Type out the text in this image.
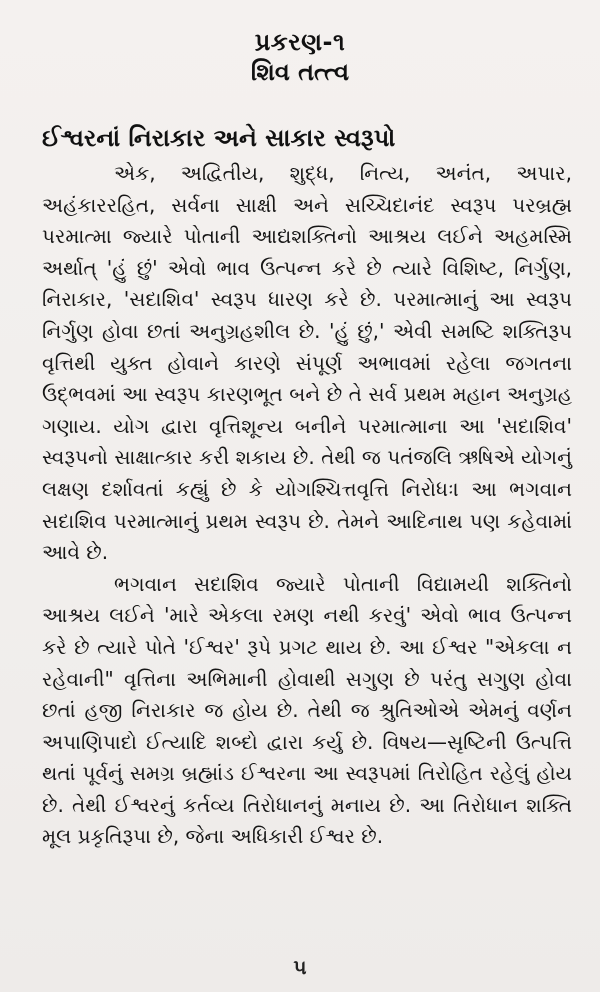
પ્રકરણ-૧
શિવ તત્ત્વ
ઈશ્વરનાં નિરાકાર અને સાકાર સ્વરૂપો

એક, અદ્વિતીય, શુદ્ધ, નિત્ય, અનંત, અપાર, અહંકારરહિત, સર્વના સાક્ષી અને સચ્ચિદાનંદ સ્વરૂપ પરબ્રહ્મ પરમાત્મા જ્યારે પોતાની આદ્યશક્તિનો આશ્રય લઈને અહમસ્મિ અર્થાત્ 'હું છું' એવો ભાવ ઉત્પન્ન કરે છે ત્યારે વિશિષ્ટ, નિર્ગુણ, નિરાકાર, 'સદાશિવ' સ્વરૂપ ધારણ કરે છે. પરમાત્માનું આ સ્વરૂપ નિર્ગુણ હોવા છતાં અનુગ્રહશીલ છે. 'હું છું,' એવી સમષ્ટિ શક્તિરૂપ વૃત્તિથી યુક્ત હોવાને કારણે સંપૂર્ણ અભાવમાં રહેલા જગતના ઉદ્ભવમાં આ સ્વરૂપ કારણભૂત બને છે તે સર્વ પ્રથમ મહાન અનુગ્રહ ગણાય. યોગ દ્વારા વૃત્તિશૂન્ય બનીને પરમાત્માના આ 'સદાશિવ' સ્વરૂપનો સાક્ષાત્કાર કરી શકાય છે. તેથી જ પતંજલિ ઋષિએ યોગનું લક્ષણ દર્શાવતાં કહ્યું છે કે યોગશ્ચિત્તવૃત્તિ નિરોધઃ। આ ભગવાન સદાશિવ પરમાત્માનું પ્રથમ સ્વરૂપ છે. તેમને આદિનાથ પણ કહેવામાં આવે છે.

ભગવાન સદાશિવ જ્યારે પોતાની વિદ્યામયી શક્તિનો આશ્રય લઈને 'મારે એકલા રમણ નથી કરવું' એવો ભાવ ઉત્પન્ન કરે છે ત્યારે પોતે 'ઈશ્વર' રૂપે પ્રગટ થાય છે. આ ઈશ્વર "એકલા ન રહેવાની" વૃત્તિના અભિમાની હોવાથી સગુણ છે પરંતુ સગુણ હોવા છતાં હજી નિરાકાર જ હોય છે. તેથી જ શ્રુતિઓએ એમનું વર્ણન અપાણિપાદો ઈત્યાદિ શબ્દો દ્વારા કર્યુ છે. વિષય—સૃષ્ટિની ઉત્પત્તિ થતાં પૂર્વનું સમગ્ર બ્રહ્માંડ ઈશ્વરના આ સ્વરૂપમાં તિરોહિત રહેલું હોય છે. તેથી ઈશ્વરનું કર્તવ્ય તિરોધાનનું મનાય છે. આ તિરોધાન શક્તિ મૂલ પ્રકૃતિરૂપા છે, જેના અધિકારી ઈશ્વર છે.

૫
